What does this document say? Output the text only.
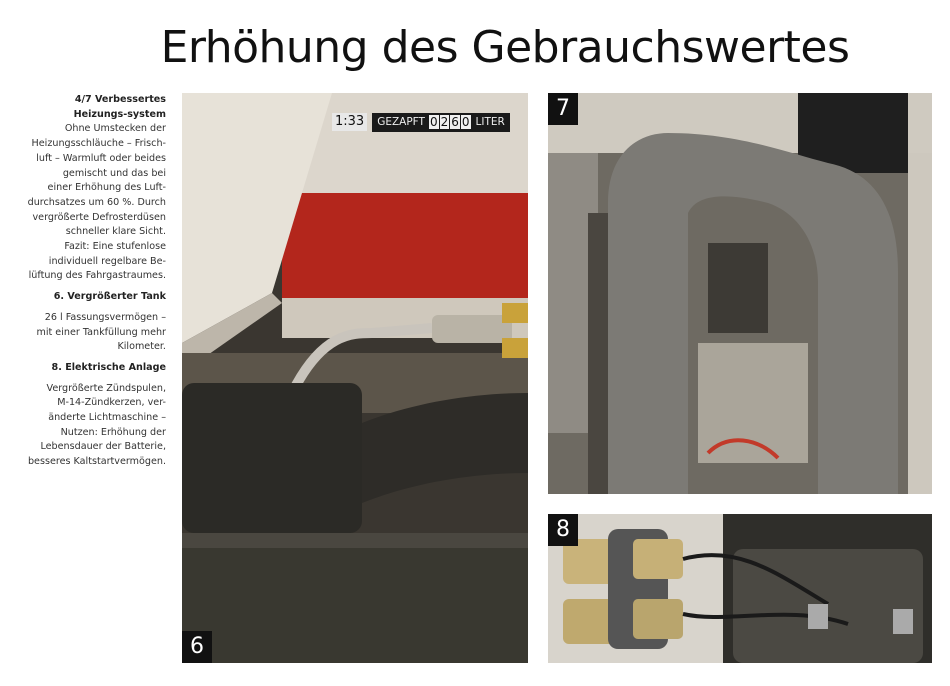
Erhöhung des Gebrauchswertes
4/7 Verbessertes Heizungs-system
Ohne Umstecken der
Heizungsschläuche – Frisch-
luft – Warmluft oder beides
gemischt und das bei
einer Erhöhung des Luft-
durchsatzes um 60 %. Durch
vergrößerte Defrosterdüsen
schneller klare Sicht.
Fazit: Eine stufenlose
individuell regelbare Be-
lüftung des Fahrgastraumes.
6. Vergrößerter Tank
26 l Fassungsvermögen –
mit einer Tankfüllung mehr
Kilometer.
8. Elektrische Anlage
Vergrößerte Zündspulen,
M-14-Zündkerzen, ver-
änderte Lichtmaschine –
Nutzen: Erhöhung der
Lebensdauer der Batterie,
besseres Kaltstartvermögen.
1:33 GEZAPFT 0 2 6 0 LITER
6
7
8
